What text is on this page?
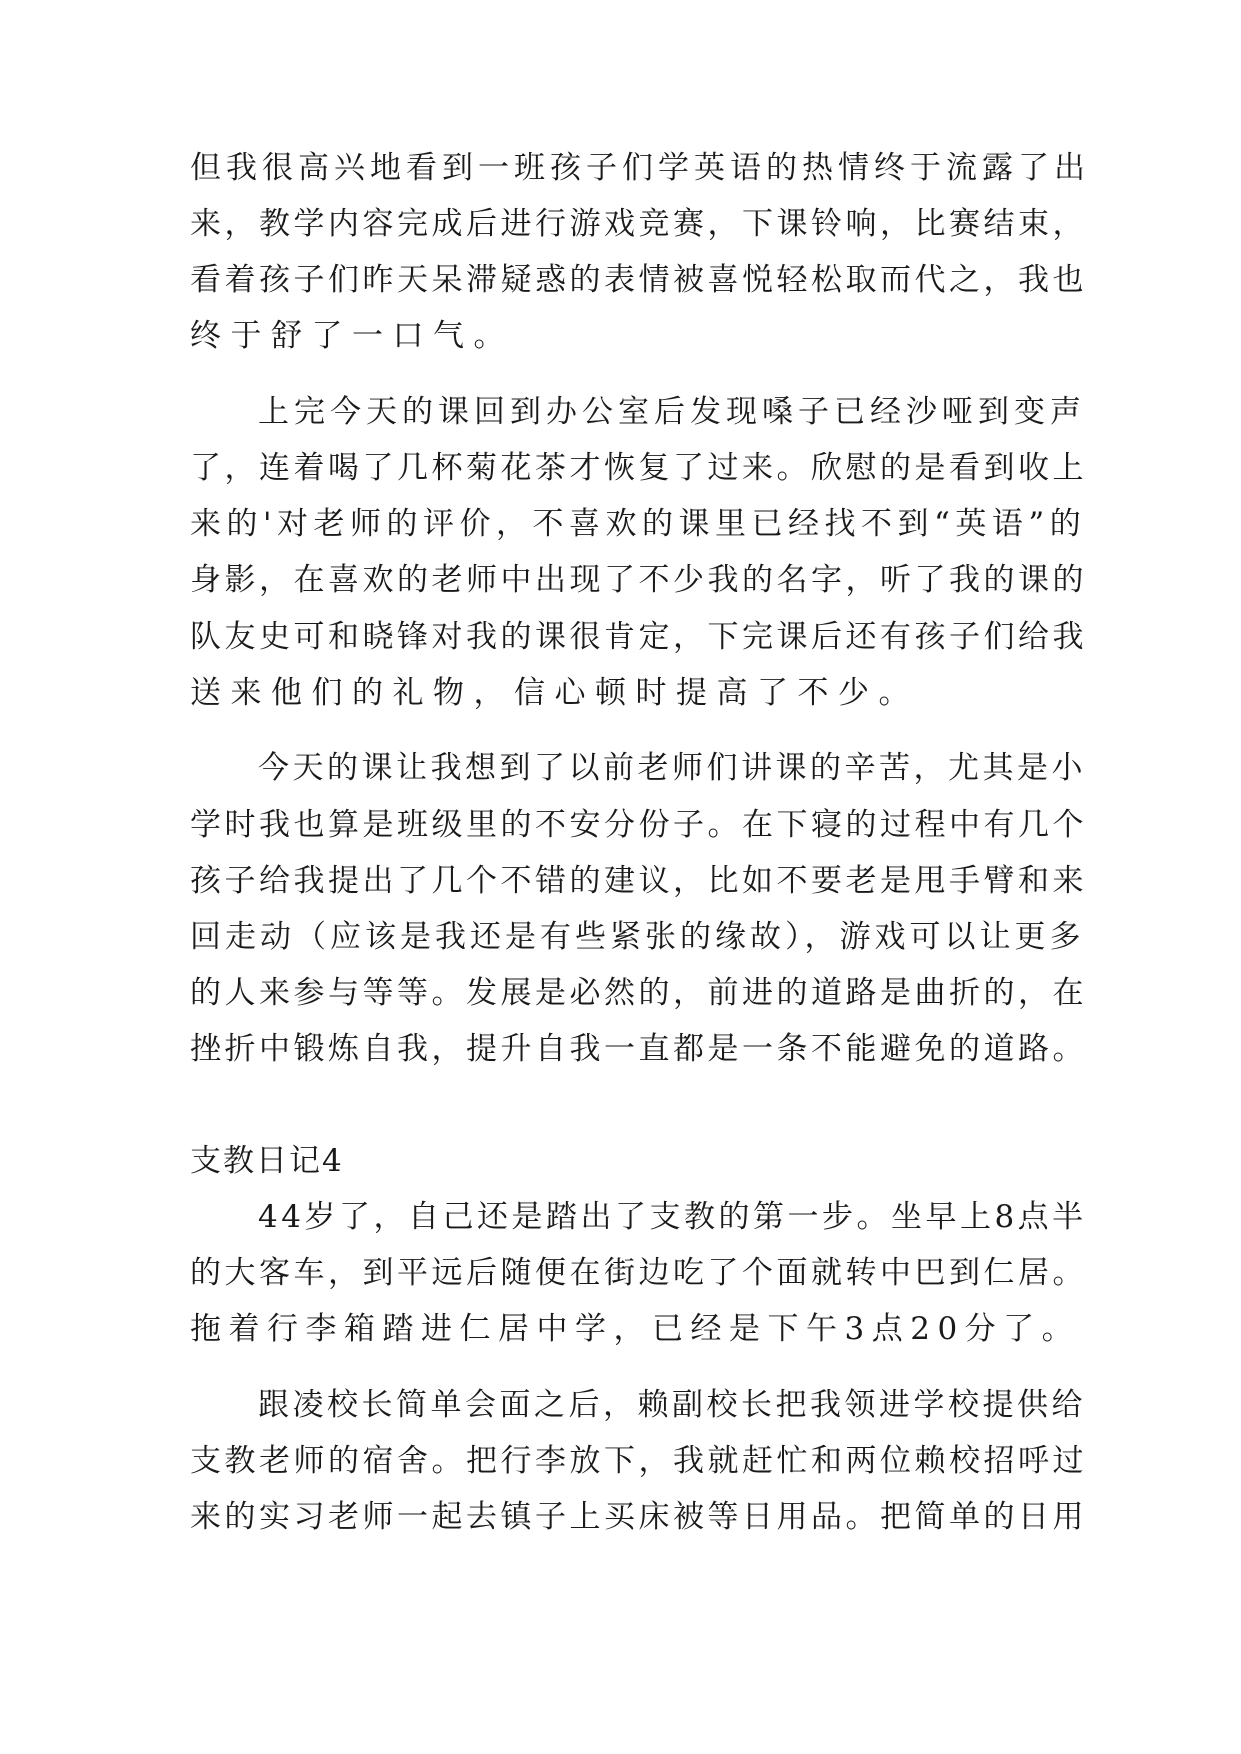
但我很高兴地看到一班孩子们学英语的热情终于流露了出

来，教学内容完成后进行游戏竞赛，下课铃响，比赛结束，

看着孩子们昨天呆滞疑惑的表情被喜悦轻松取而代之，我也

终于舒了一口气。

上完今天的课回到办公室后发现嗓子已经沙哑到变声

了，连着喝了几杯菊花茶才恢复了过来。欣慰的是看到收上

来的'对老师的评价，不喜欢的课里已经找不到“英语”的

身影，在喜欢的老师中出现了不少我的名字，听了我的课的

队友史可和晓锋对我的课很肯定，下完课后还有孩子们给我

送来他们的礼物，信心顿时提高了不少。

今天的课让我想到了以前老师们讲课的辛苦，尤其是小

学时我也算是班级里的不安分份子。在下寝的过程中有几个

孩子给我提出了几个不错的建议，比如不要老是甩手臂和来

回走动（应该是我还是有些紧张的缘故），游戏可以让更多

的人来参与等等。发展是必然的，前进的道路是曲折的，在

挫折中锻炼自我，提升自我一直都是一条不能避免的道路。

支教日记4

44岁了，自己还是踏出了支教的第一步。坐早上8点半

的大客车，到平远后随便在街边吃了个面就转中巴到仁居。

拖着行李箱踏进仁居中学，已经是下午3点20分了。

跟凌校长简单会面之后，赖副校长把我领进学校提供给

支教老师的宿舍。把行李放下，我就赶忙和两位赖校招呼过

来的实习老师一起去镇子上买床被等日用品。把简单的日用
